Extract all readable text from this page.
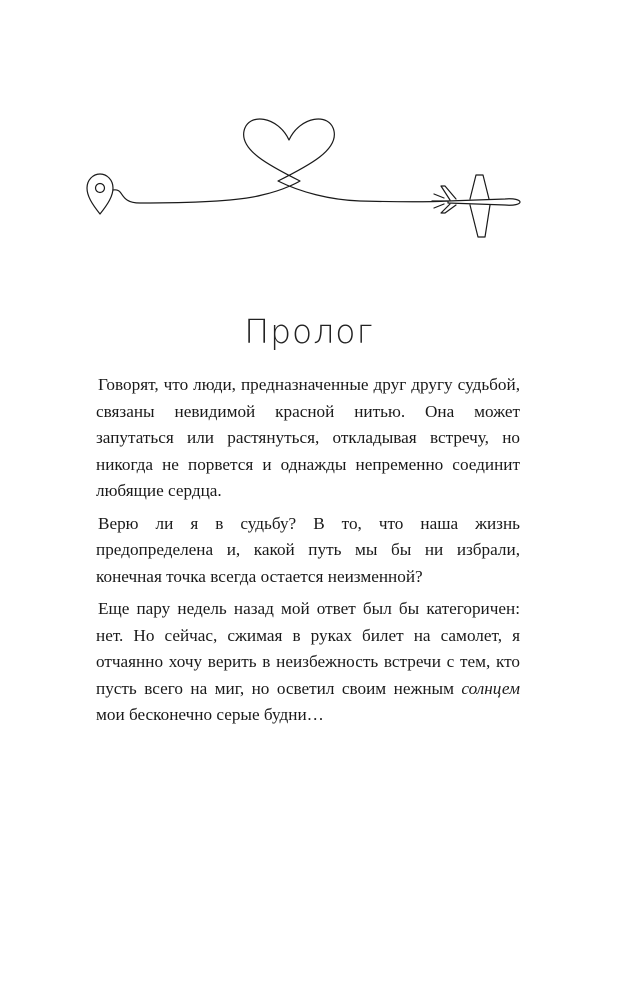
Пролог

Говорят, что люди, предназначенные друг другу судьбой, связаны невидимой красной нитью. Она может запутаться или растянуться, откладывая встречу, но никогда не порвется и однажды непременно соединит любящие сердца.

Верю ли я в судьбу? В то, что наша жизнь предопределена и, какой путь мы бы ни избрали, конечная точка всегда остается неизменной?

Еще пару недель назад мой ответ был бы категоричен: нет. Но сейчас, сжимая в руках билет на самолет, я отчаянно хочу верить в неизбежность встречи с тем, кто пусть всего на миг, но осветил своим нежным солнцем мои бесконечно серые будни…
